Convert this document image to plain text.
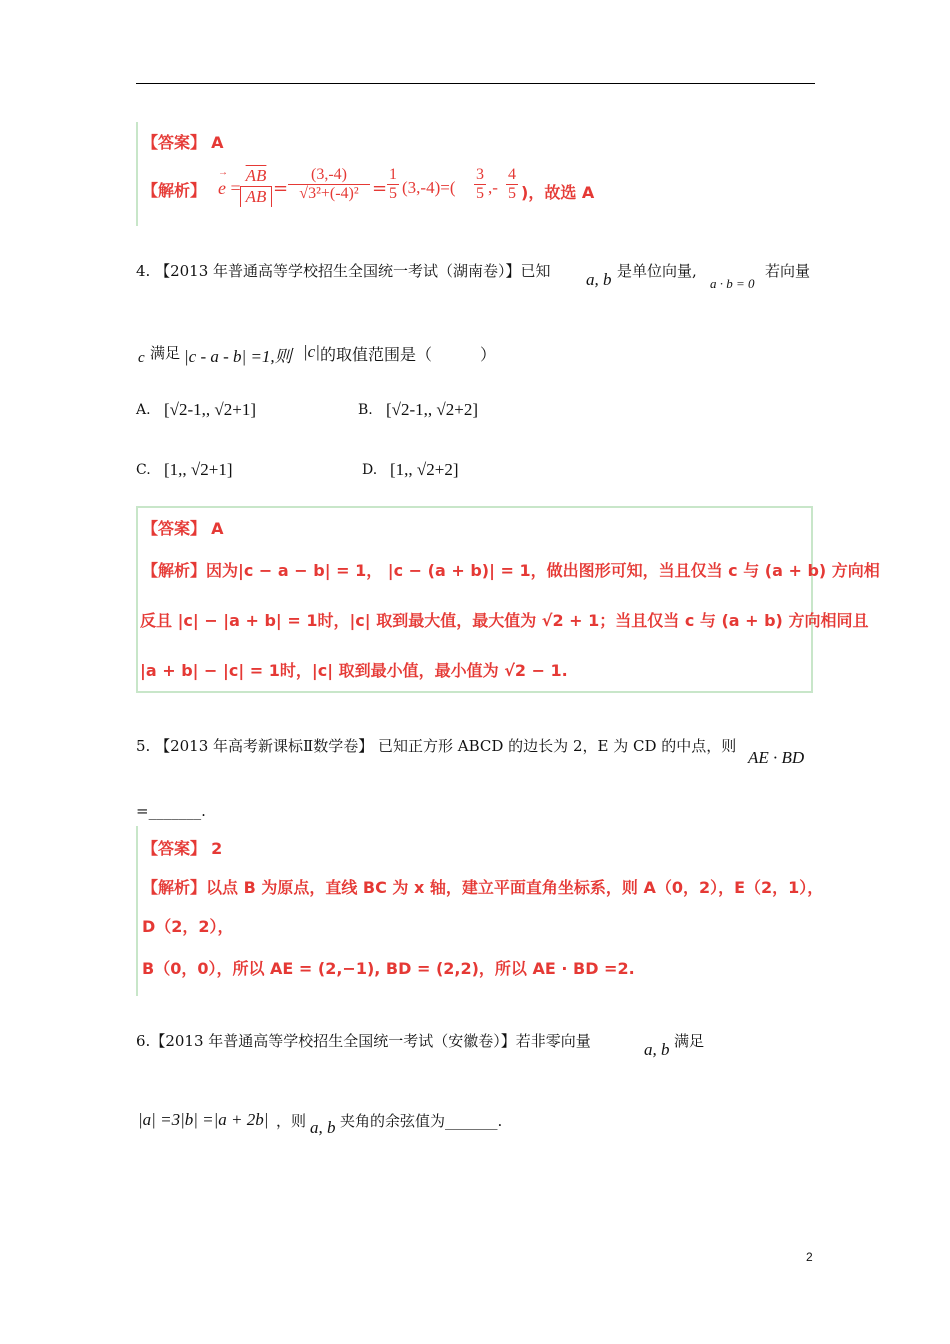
【答案】 A
【解析】 → $e = \frac{\overline{AB}}{AB} = \frac{(3,-4)}{\text{√3²+(-4)²}} = \frac{1}{5} (3,-4)=( \frac{3}{5}$ ,- $\frac{4}{5}$ )，故选 A
4. 【2013 年普通高等学校招生全国统一考试（湖南卷）】已知	a, b 是单位向量,
a · b = 0
若向量
c 满足 |c - a - b| =1,则 |c| 的取值范围是（　　　）
A. [√2-1,, √2+1]	B. [√2-1,, √2+2]
C. [1,, √2+1]	D. [1,, √2+2]
【答案】 A
【解析】因为|c − a − b| = 1， |c − (a + b)| = 1，做出图形可知，当且仅当 c 与 (a + b) 方向相
反且 |c| − |a + b| = 1时，|c| 取到最大值，最大值为 √2 + 1；当且仅当 c 与 (a + b) 方向相同且
|a + b| − |c| = 1时，|c| 取到最小值，最小值为 √2 − 1.
5. 【2013 年高考新课标Ⅱ数学卷】 已知正方形 ABCD 的边长为 2，E 为 CD 的中点，则
AE · BD
=_______.
【答案】 2
【解析】以点 B 为原点，直线 BC 为 x 轴，建立平面直角坐标系，则 A（0，2），E（2，1），
D（2，2），
B（0，0），所以 AE = (2,−1), BD = (2,2)，所以 AE · BD =2.
6.【2013 年普通高等学校招生全国统一考试（安徽卷）】若非零向量	a, b 满足
|a| =3|b| =|a + 2b| ，则 a, b 夹角的余弦值为_______.
2
